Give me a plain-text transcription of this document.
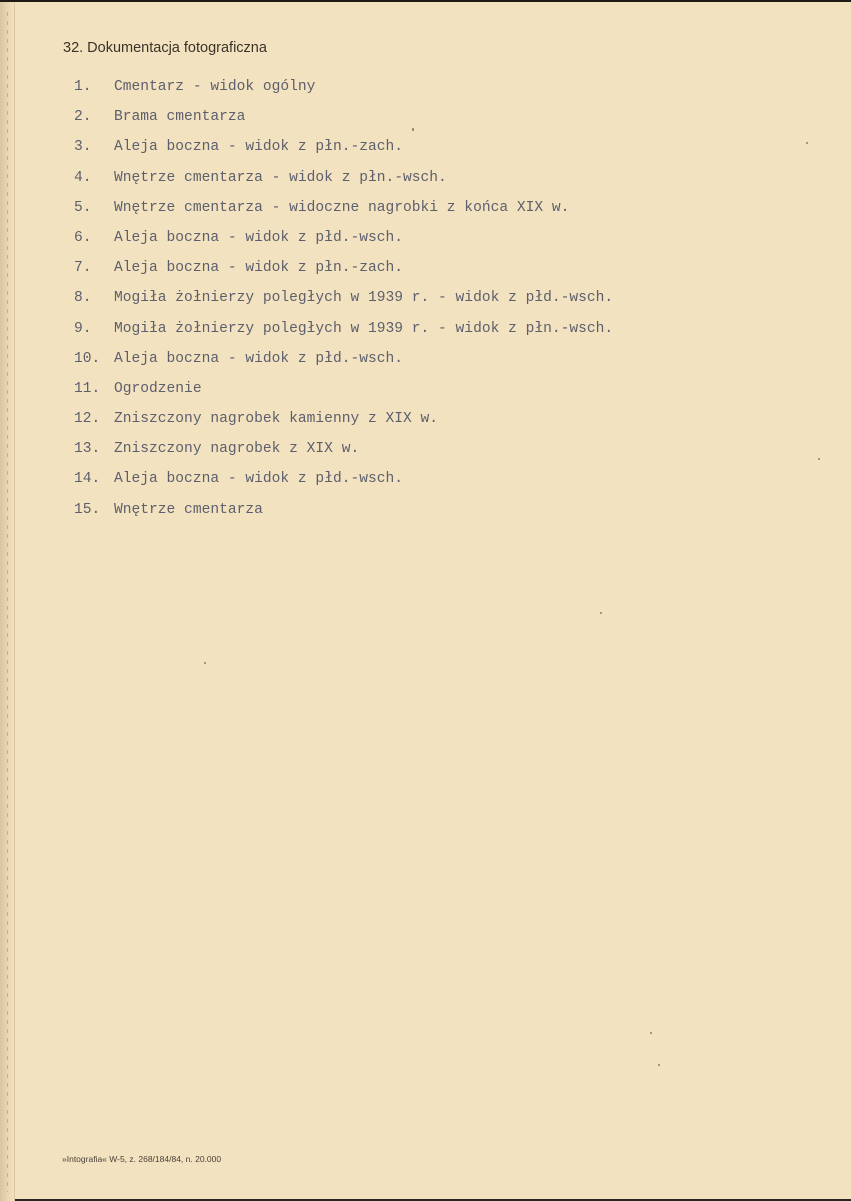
32. Dokumentacja fotograficzna
1. Cmentarz - widok ogólny
2. Brama cmentarza
3. Aleja boczna - widok z płn.-zach.
4. Wnętrze cmentarza - widok z płn.-wsch.
5. Wnętrze cmentarza - widoczne nagrobki z końca XIX w.
6. Aleja boczna - widok z płd.-wsch.
7. Aleja boczna - widok z płn.-zach.
8. Mogiła żołnierzy poległych w 1939 r. - widok z płd.-wsch.
9. Mogiła żołnierzy poległych w 1939 r. - widok z płn.-wsch.
10. Aleja boczna - widok z płd.-wsch.
11. Ogrodzenie
12. Zniszczony nagrobek kamienny z XIX w.
13. Zniszczony nagrobek z XIX w.
14. Aleja boczna - widok z płd.-wsch.
15. Wnętrze cmentarza
»Intografia« W-5, z. 268/184/84, n. 20.000
